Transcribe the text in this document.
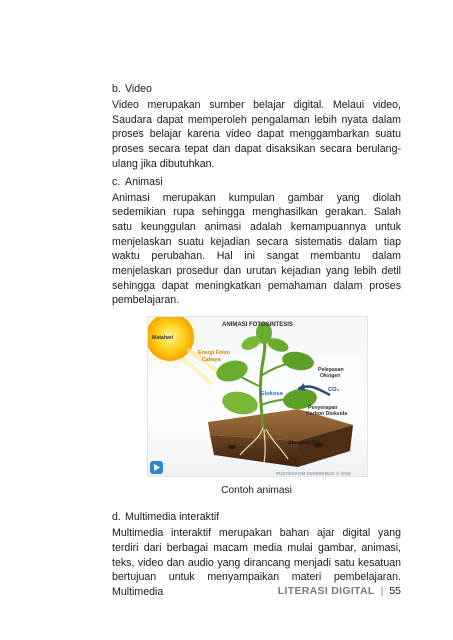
b. Video

Video merupakan sumber belajar digital. Melaui video, Saudara dapat memperoleh pengalaman lebih nyata dalam proses belajar karena video dapat menggambarkan suatu proses secara tepat dan dapat disaksikan secara berulang-ulang jika dibutuhkan.

c. Animasi

Animasi merupakan kumpulan gambar yang diolah sedemikian rupa sehingga menghasilkan gerakan. Salah satu keunggulan animasi adalah kemampuannya untuk menjelaskan suatu kejadian secara sistematis dalam tiap waktu perubahan. Hal ini sangat membantu dalam menjelaskan prosedur dan urutan kejadian yang lebih detil sehingga dapat meningkatkan pemahaman dalam proses pembelajaran.

ANIMASI FOTOSINTESIS
Matahari
Energi Foton
Cahaya
Pelepasan
Oksigen
CO₂
Glukosa
Penyerapan
Karbon Dioksida
Absorbsi Air
PUSTEKKOM KEMDIKBUD © 2016
Contoh animasi
d. Multimedia interaktif

Multimedia interaktif merupakan bahan ajar digital yang terdiri dari berbagai macam media mulai gambar, animasi, teks, video dan audio yang dirancang menjadi satu kesatuan bertujuan untuk menyampaikan materi pembelajaran. Multimedia	LITERASI DIGITAL | 55
